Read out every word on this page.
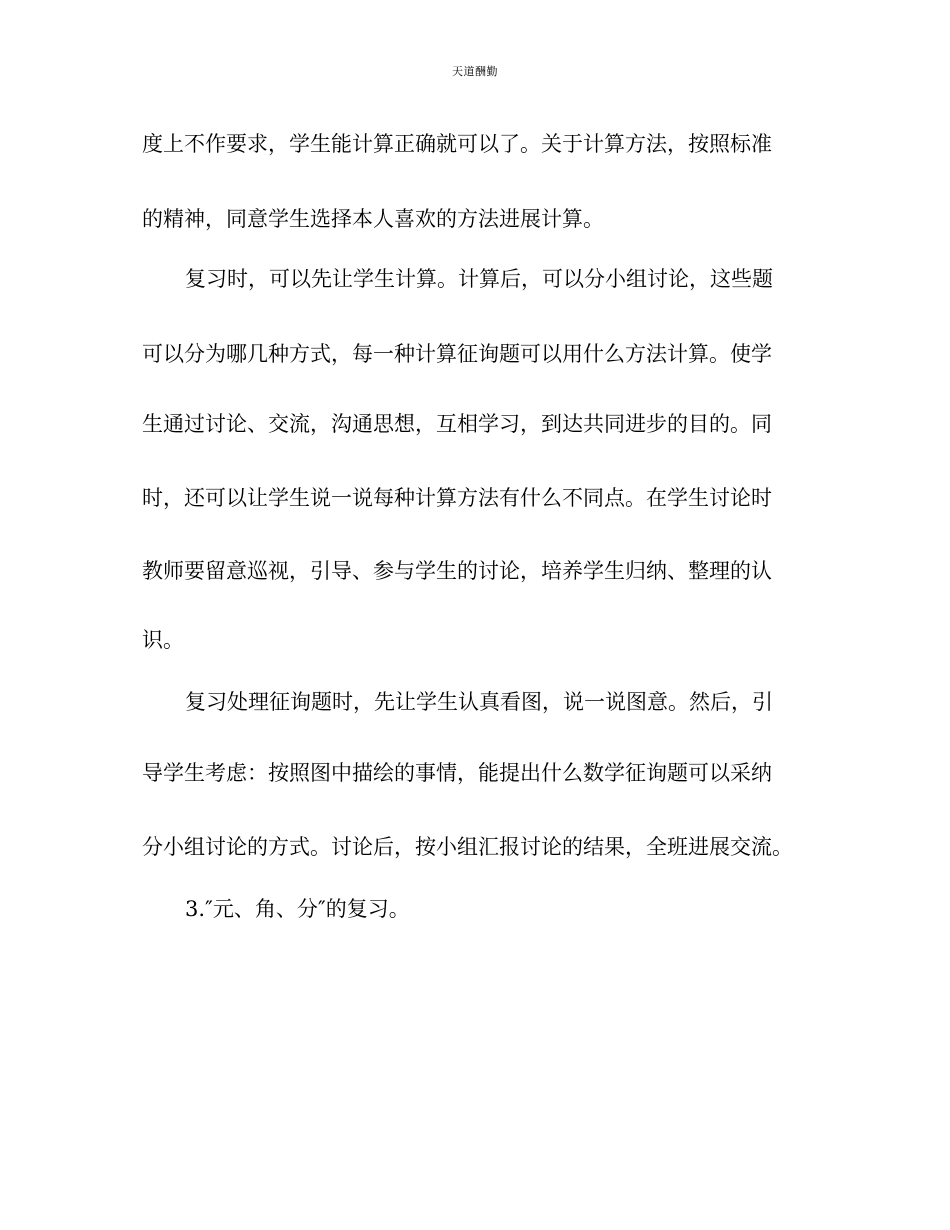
天道酬勤
度上不作要求，学生能计算正确就可以了。关于计算方法，按照标准
的精神，同意学生选择本人喜欢的方法进展计算。
复习时，可以先让学生计算。计算后，可以分小组讨论，这些题
可以分为哪几种方式，每一种计算征询题可以用什么方法计算。使学
生通过讨论、交流，沟通思想，互相学习，到达共同进步的目的。同
时，还可以让学生说一说每种计算方法有什么不同点。在学生讨论时
教师要留意巡视，引导、参与学生的讨论，培养学生归纳、整理的认
识。
复习处理征询题时，先让学生认真看图，说一说图意。然后，引
导学生考虑：按照图中描绘的事情，能提出什么数学征询题可以采纳
分小组讨论的方式。讨论后，按小组汇报讨论的结果，全班进展交流。
3.″元、角、分″的复习。
